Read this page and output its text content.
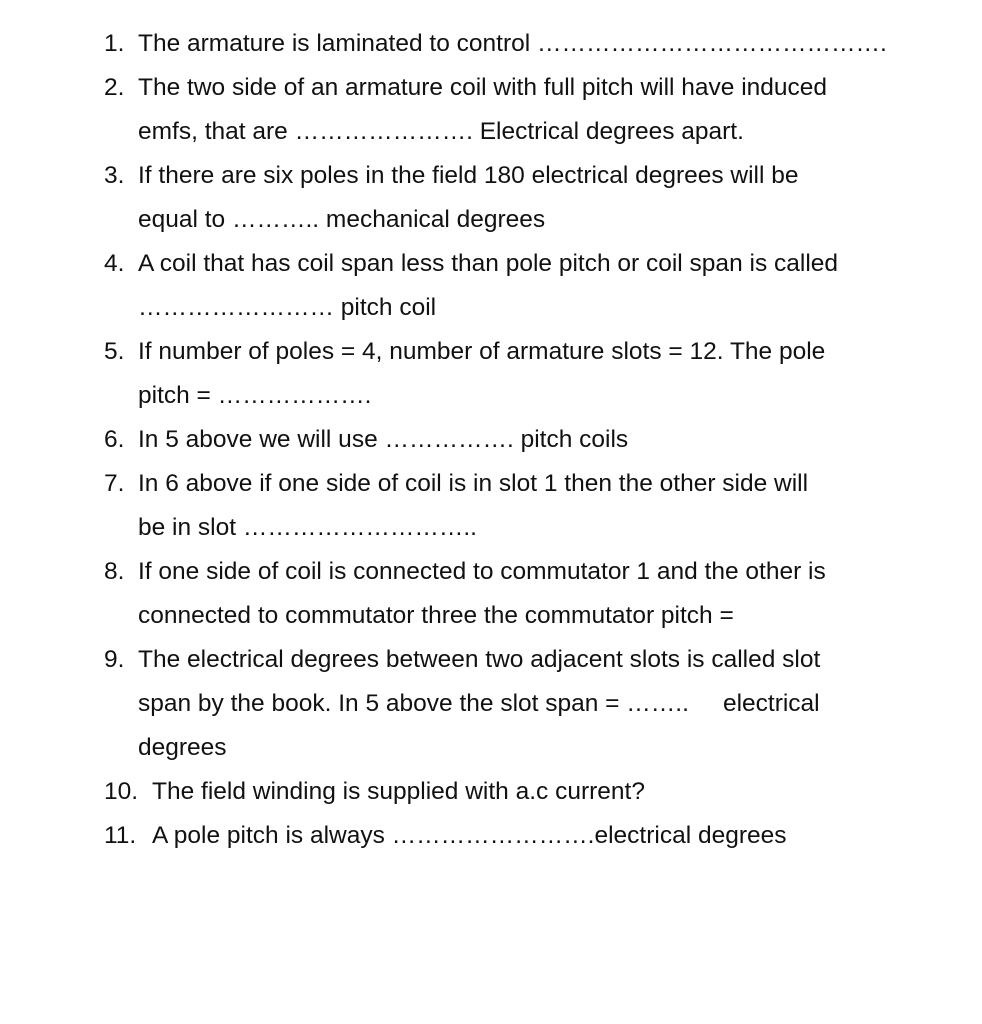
1. The armature is laminated to control …………………………………….
2. The two side of an armature coil with full pitch will have induced
emfs, that are …………………. Electrical degrees apart.
3. If there are six poles in the field 180 electrical degrees will be
equal to ……….. mechanical degrees
4. A coil that has coil span less than pole pitch or coil span is called
…………………… pitch coil
5. If number of poles = 4, number of armature slots = 12. The pole
pitch = ……………….
6. In 5 above we will use ……………. pitch coils
7. In 6 above if one side of coil is in slot 1 then the other side will
be in slot ………………………..
8. If one side of coil is connected to commutator 1 and the other is
connected to commutator three the commutator pitch =
9. The electrical degrees between two adjacent slots is called slot
span by the book. In 5 above the slot span = ……..     electrical
degrees
10. The field winding is supplied with a.c current?
11. A pole pitch is always …………………….electrical degrees
